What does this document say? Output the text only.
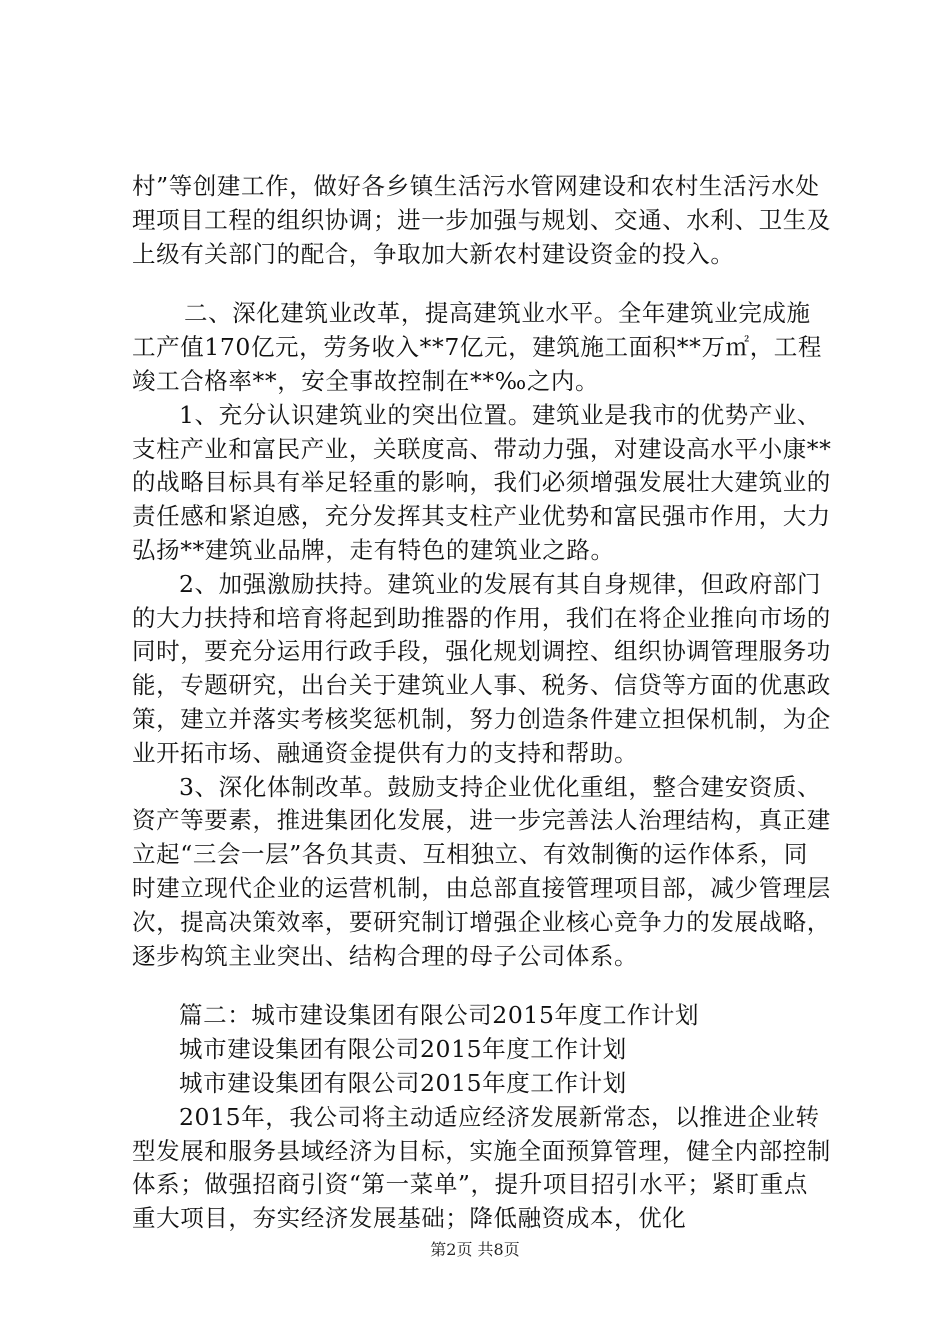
村”等创建工作，做好各乡镇生活污水管网建设和农村生活污水处理项目工程的组织协调；进一步加强与规划、交通、水利、卫生及上级有关部门的配合，争取加大新农村建设资金的投入。

二、深化建筑业改革，提高建筑业水平。全年建筑业完成施工产值170亿元，劳务收入**7亿元，建筑施工面积**万㎡，工程竣工合格率**，安全事故控制在**‰之内。

1、充分认识建筑业的突出位置。建筑业是我市的优势产业、支柱产业和富民产业，关联度高、带动力强，对建设高水平小康**的战略目标具有举足轻重的影响，我们必须增强发展壮大建筑业的责任感和紧迫感，充分发挥其支柱产业优势和富民强市作用，大力弘扬**建筑业品牌，走有特色的建筑业之路。

2、加强激励扶持。建筑业的发展有其自身规律，但政府部门的大力扶持和培育将起到助推器的作用，我们在将企业推向市场的同时，要充分运用行政手段，强化规划调控、组织协调管理服务功能，专题研究，出台关于建筑业人事、税务、信贷等方面的优惠政策，建立并落实考核奖惩机制，努力创造条件建立担保机制，为企业开拓市场、融通资金提供有力的支持和帮助。

3、深化体制改革。鼓励支持企业优化重组，整合建安资质、资产等要素，推进集团化发展，进一步完善法人治理结构，真正建立起“三会一层”各负其责、互相独立、有效制衡的运作体系，同时建立现代企业的运营机制，由总部直接管理项目部，减少管理层次，提高决策效率，要研究制订增强企业核心竞争力的发展战略，逐步构筑主业突出、结构合理的母子公司体系。

篇二：城市建设集团有限公司2015年度工作计划

城市建设集团有限公司2015年度工作计划

城市建设集团有限公司2015年度工作计划

2015年，我公司将主动适应经济发展新常态，以推进企业转型发展和服务县域经济为目标，实施全面预算管理，健全内部控制体系；做强招商引资“第一菜单”，提升项目招引水平；紧盯重点重大项目，夯实经济发展基础；降低融资成本，优化

第2页 共8页
